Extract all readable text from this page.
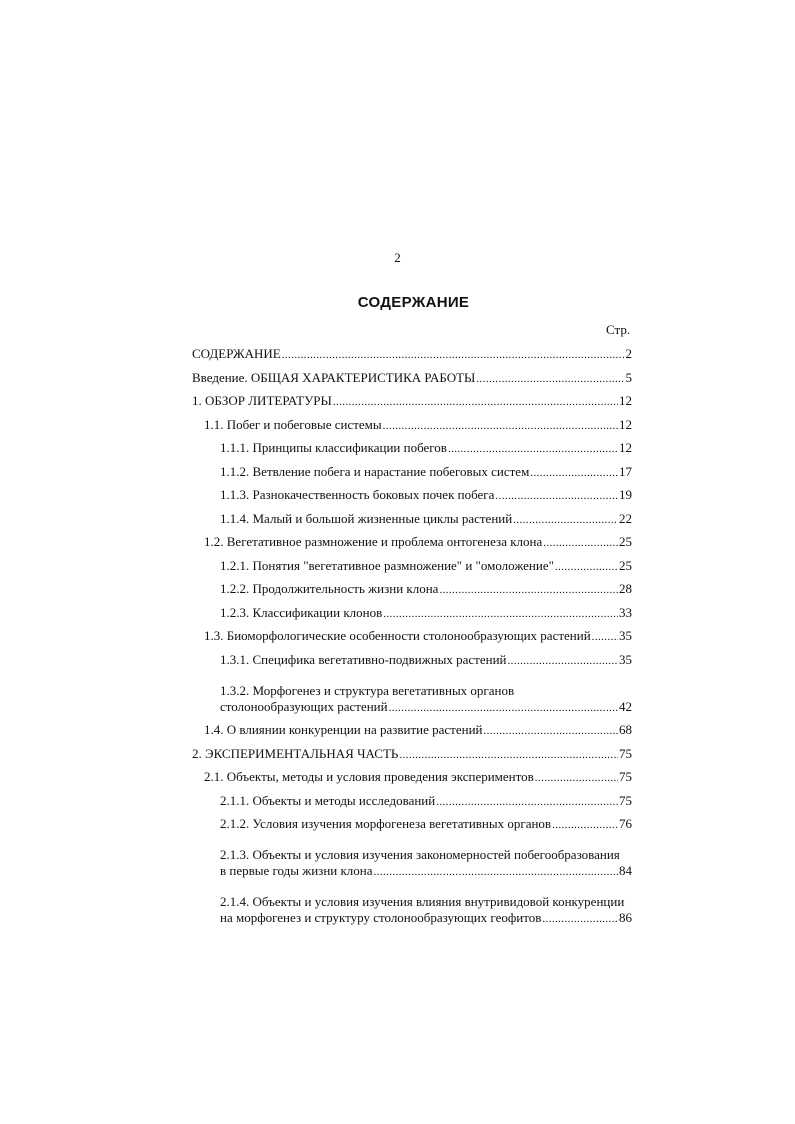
2
СОДЕРЖАНИЕ
Стр.
СОДЕРЖАНИЕ .....	2
Введение. ОБЩАЯ ХАРАКТЕРИСТИКА РАБОТЫ .....	5
1. ОБЗОР ЛИТЕРАТУРЫ .....	12
1.1. Побег и побеговые системы .....	12
1.1.1. Принципы классификации побегов .....	12
1.1.2. Ветвление побега и нарастание побеговых систем .....	17
1.1.3. Разнокачественность боковых почек побега .....	19
1.1.4. Малый и большой жизненные циклы растений .....	22
1.2. Вегетативное размножение и проблема онтогенеза клона .....	25
1.2.1. Понятия "вегетативное размножение" и "омоложение" .....	25
1.2.2. Продолжительность жизни клона .....	28
1.2.3. Классификации клонов .....	33
1.3. Биоморфологические особенности столонообразующих растений ..... 35
1.3.1. Специфика вегетативно-подвижных растений .....	35
1.3.2. Морфогенез и структура вегетативных органов
столонообразующих растений .....	42
1.4. О влиянии конкуренции на развитие растений .....	68
2. ЭКСПЕРИМЕНТАЛЬНАЯ ЧАСТЬ .....	75
2.1. Объекты, методы и условия проведения экспериментов .....	75
2.1.1. Объекты и методы исследований .....	75
2.1.2. Условия изучения морфогенеза вегетативных органов .....	76
2.1.3. Объекты и условия изучения закономерностей побегообразования
в первые годы жизни клона .....	84
2.1.4. Объекты и условия изучения влияния внутривидовой конкуренции
на морфогенез и структуру столонообразующих геофитов .....	86
